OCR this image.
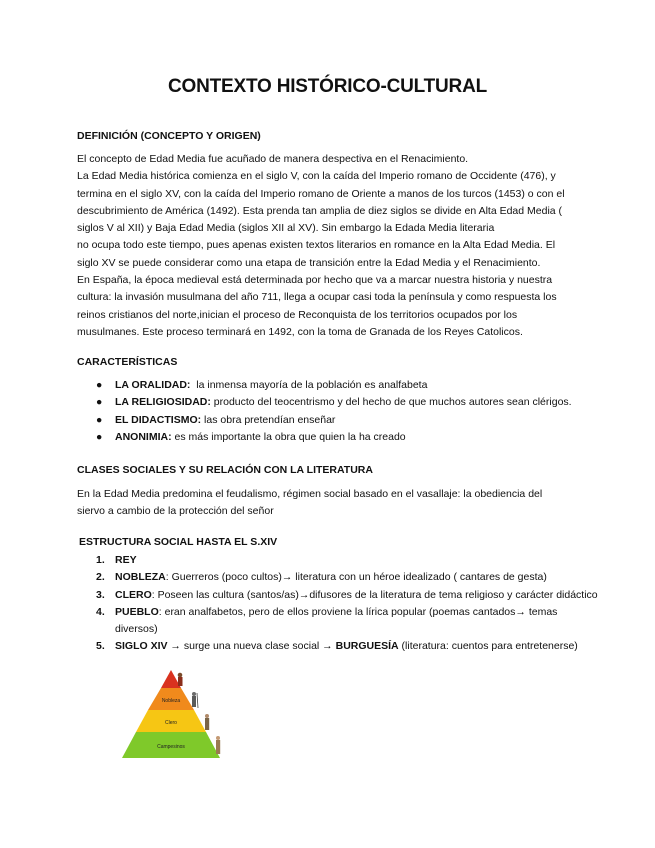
CONTEXTO HISTÓRICO-CULTURAL

DEFINICIÓN (CONCEPTO Y ORIGEN)

El concepto de Edad Media fue acuñado de manera despectiva en el Renacimiento.
La Edad Media histórica comienza en el siglo V, con la caída del Imperio romano de Occidente (476), y
termina en el siglo XV, con la caída del Imperio romano de Oriente a manos de los turcos (1453) o con el
descubrimiento de América (1492). Esta prenda tan amplia de diez siglos se divide en Alta Edad Media (
siglos V al XII) y Baja Edad Media (siglos XII al XV). Sin embargo la Edada Media literaria
no ocupa todo este tiempo, pues apenas existen textos literarios en romance en la Alta Edad Media. El
siglo XV se puede considerar como una etapa de transición entre la Edad Media y el Renacimiento.
En España, la época medieval está determinada por hecho que va a marcar nuestra historia y nuestra
cultura: la invasión musulmana del año 711, llega a ocupar casi toda la península y como respuesta los
reinos cristianos del norte,inician el proceso de Reconquista de los territorios ocupados por los
musulmanes. Este proceso terminará en 1492, con la toma de Granada de los Reyes Catolicos.

CARACTERÍSTICAS

● LA ORALIDAD:  la inmensa mayoría de la población es analfabeta
● LA RELIGIOSIDAD: producto del teocentrismo y del hecho de que muchos autores sean clérigos.
● EL DIDACTISMO: las obra pretendían enseñar
● ANONIMIA: es más importante la obra que quien la ha creado

CLASES SOCIALES Y SU RELACIÓN CON LA LITERATURA

En la Edad Media predomina el feudalismo, régimen social basado en el vasallaje: la obediencia del
siervo a cambio de la protección del señor

ESTRUCTURA SOCIAL HASTA EL S.XIV

1. REY
2. NOBLEZA: Guerreros (poco cultos)→ literatura con un héroe idealizado ( cantares de gesta)
3. CLERO: Poseen las cultura (santos/as)→difusores de la literatura de tema religioso y carácter didáctico
4. PUEBLO: eran analfabetos, pero de ellos proviene la lírica popular (poemas cantados→ temas diversos)
5. SIGLO XIV → surge una nueva clase social → BURGUESÍA (literatura: cuentos para entretenerse)
Nobleza
Clero
Campesinos
